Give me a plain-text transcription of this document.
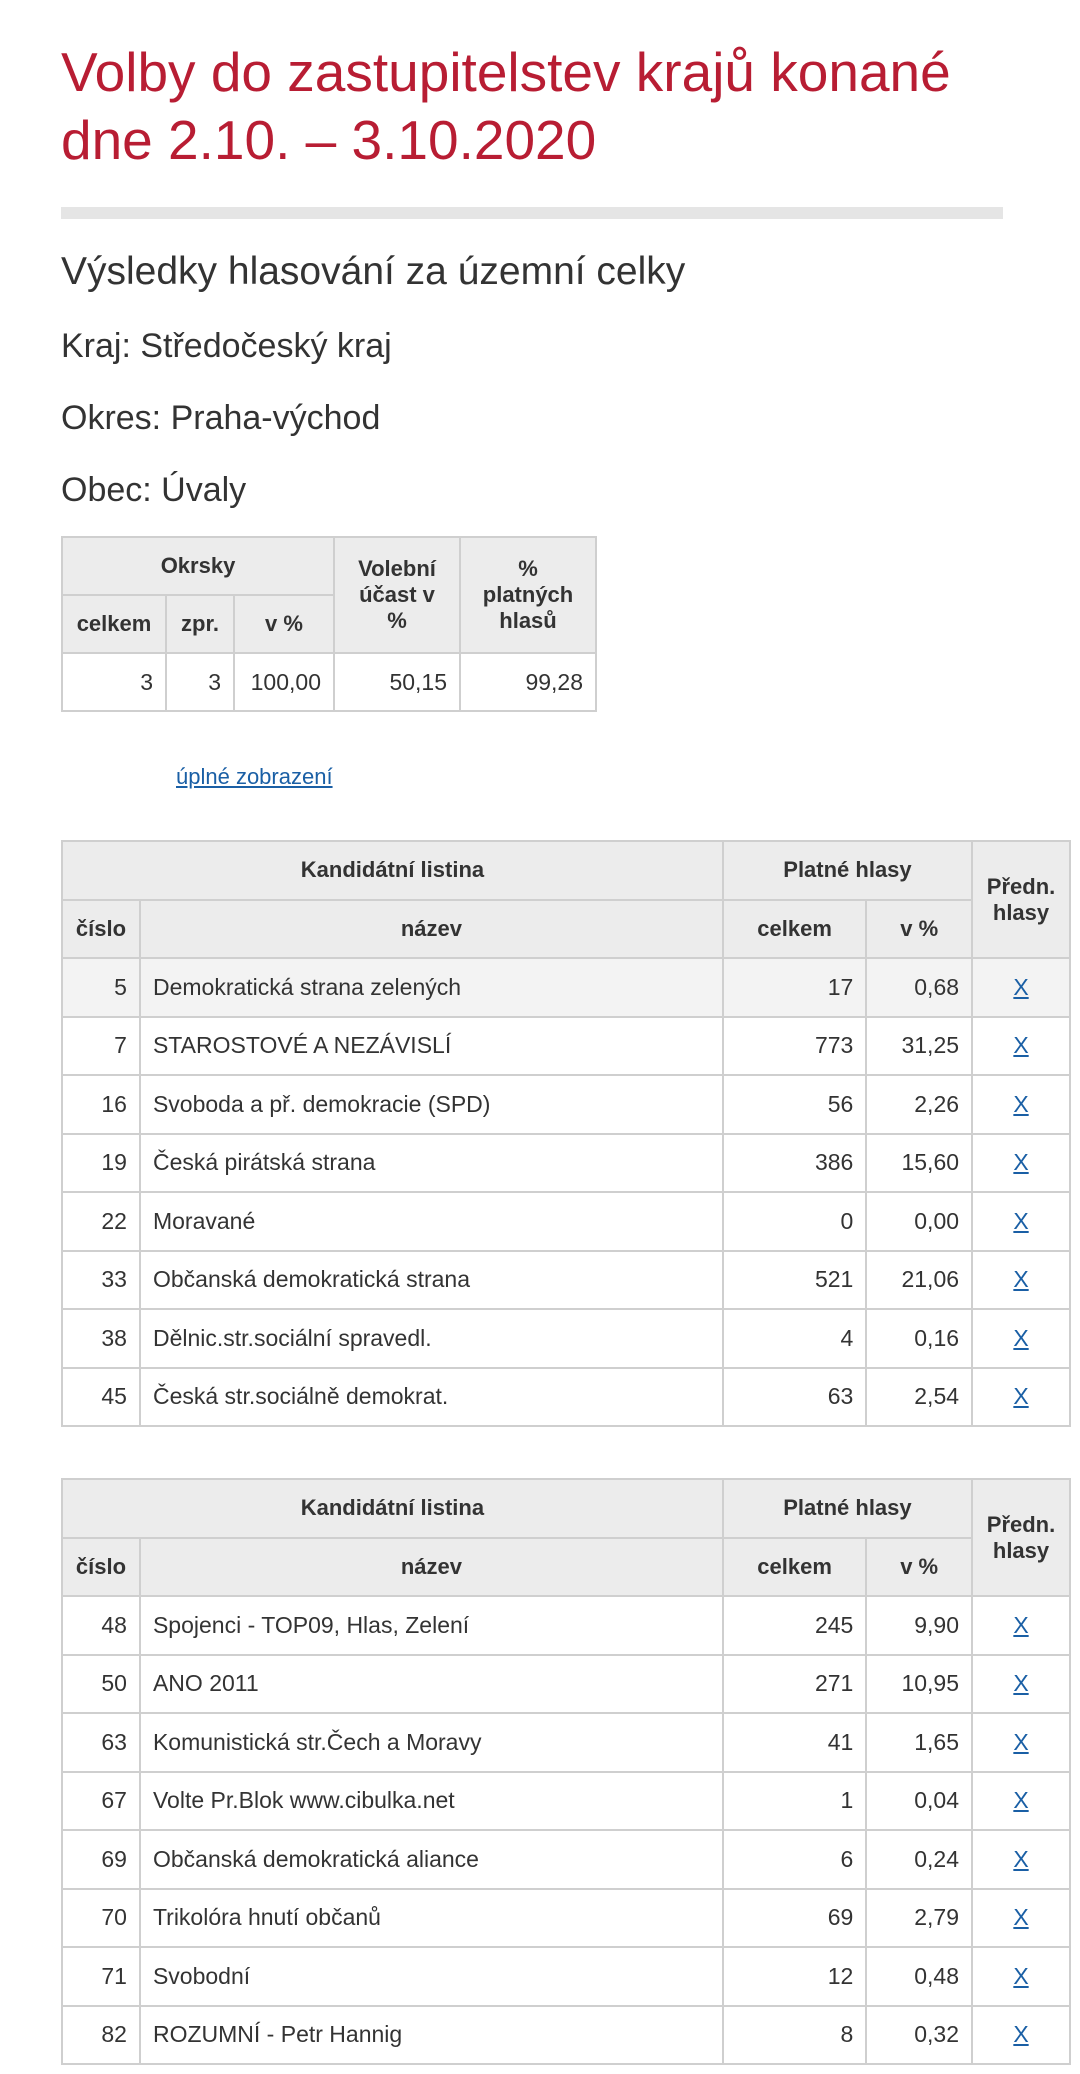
Volby do zastupitelstev krajů konané dne 2.10. – 3.10.2020
Výsledky hlasování za územní celky

Kraj: Středočeský kraj

Okres: Praha-východ

Obec: Úvaly

Okrsky			Volební účast v %	% platných hlasů
celkem	zpr.	v %		
3	3	100,00	50,15	99,28
úplné zobrazení
Kandidátní listina		Platné hlasy		Předn. hlasy
číslo	název	celkem	v %	
5	Demokratická strana zelených	17	0,68	X
7	STAROSTOVÉ A NEZÁVISLÍ	773	31,25	X
16	Svoboda a př. demokracie (SPD)	56	2,26	X
19	Česká pirátská strana	386	15,60	X
22	Moravané	0	0,00	X
33	Občanská demokratická strana	521	21,06	X
38	Dělnic.str.sociální spravedl.	4	0,16	X
45	Česká str.sociálně demokrat.	63	2,54	X
Kandidátní listina		Platné hlasy		Předn. hlasy
číslo	název	celkem	v %	
48	Spojenci - TOP09, Hlas, Zelení	245	9,90	X
50	ANO 2011	271	10,95	X
63	Komunistická str.Čech a Moravy	41	1,65	X
67	Volte Pr.Blok www.cibulka.net	1	0,04	X
69	Občanská demokratická aliance	6	0,24	X
70	Trikolóra hnutí občanů	69	2,79	X
71	Svobodní	12	0,48	X
82	ROZUMNÍ - Petr Hannig	8	0,32	X
